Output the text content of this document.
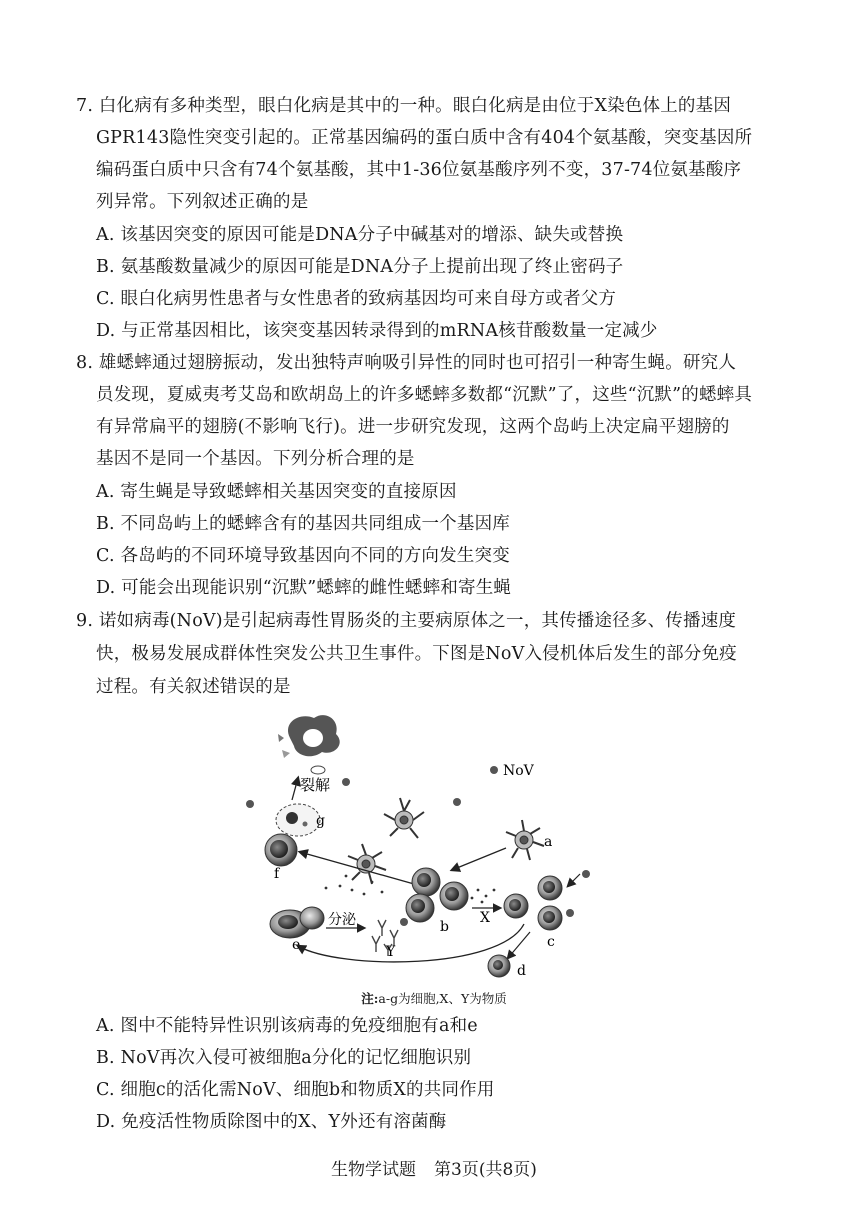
7. 白化病有多种类型，眼白化病是其中的一种。眼白化病是由位于X染色体上的基因
GPR143隐性突变引起的。正常基因编码的蛋白质中含有404个氨基酸，突变基因所
编码蛋白质中只含有74个氨基酸，其中1-36位氨基酸序列不变，37-74位氨基酸序
列异常。下列叙述正确的是
A. 该基因突变的原因可能是DNA分子中碱基对的增添、缺失或替换
B. 氨基酸数量减少的原因可能是DNA分子上提前出现了终止密码子
C. 眼白化病男性患者与女性患者的致病基因均可来自母方或者父方
D. 与正常基因相比，该突变基因转录得到的mRNA核苷酸数量一定减少
8. 雄蟋蟀通过翅膀振动，发出独特声响吸引异性的同时也可招引一种寄生蝇。研究人
员发现，夏威夷考艾岛和欧胡岛上的许多蟋蟀多数都“沉默”了，这些“沉默”的蟋蟀具
有异常扁平的翅膀(不影响飞行)。进一步研究发现，这两个岛屿上决定扁平翅膀的
基因不是同一个基因。下列分析合理的是
A. 寄生蝇是导致蟋蟀相关基因突变的直接原因
B. 不同岛屿上的蟋蟀含有的基因共同组成一个基因库
C. 各岛屿的不同环境导致基因向不同的方向发生突变
D. 可能会出现能识别“沉默”蟋蟀的雌性蟋蟀和寄生蝇
9. 诺如病毒(NoV)是引起病毒性胃肠炎的主要病原体之一，其传播途径多、传播速度
快，极易发展成群体性突发公共卫生事件。下图是NoV入侵机体后发生的部分免疫
过程。有关叙述错误的是
裂解
NoV
g
f
a
b
X
c
d
e
分泌
Y
注:a-g为细胞,X、Y为物质
A. 图中不能特异性识别该病毒的免疫细胞有a和e
B. NoV再次入侵可被细胞a分化的记忆细胞识别
C. 细胞c的活化需NoV、细胞b和物质X的共同作用
D. 免疫活性物质除图中的X、Y外还有溶菌酶
生物学试题 第3页(共8页)
